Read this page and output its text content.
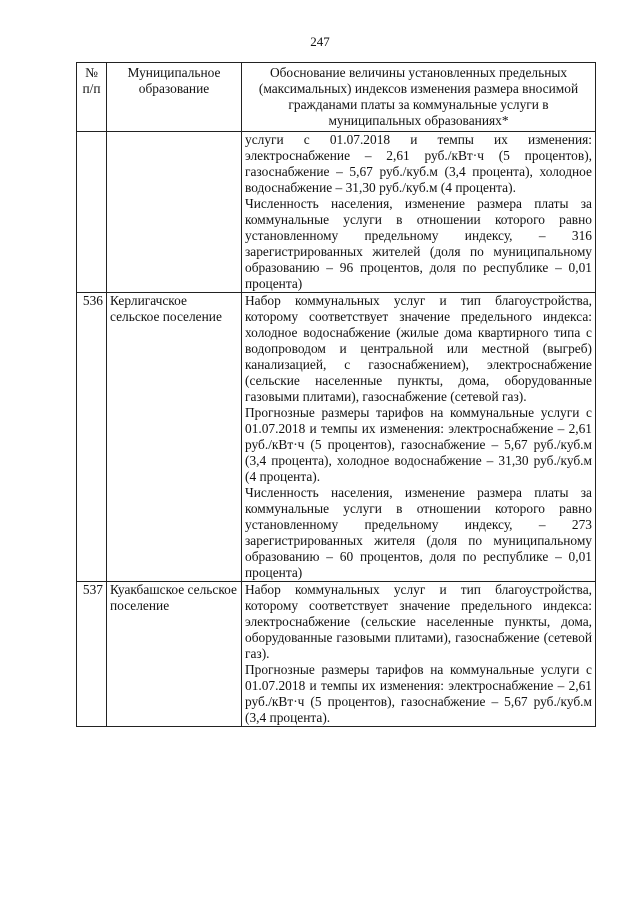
247
№ п/п	Муниципальное образование	Обоснование величины установленных предельных (максимальных) индексов изменения размера вносимой гражданами платы за коммунальные услуги в муниципальных образованиях*

		услуги с 01.07.2018 и темпы их изменения: электроснабжение – 2,61 руб./кВт·ч (5 процентов), газоснабжение – 5,67 руб./куб.м (3,4 процента), холодное водоснабжение – 31,30 руб./куб.м (4 процента).

Численность населения, изменение размера платы за коммунальные услуги в отношении которого равно установленному предельному индексу, – 316 зарегистрированных жителей (доля по муниципальному образованию – 96 процентов, доля по республике – 0,01 процента)

536	Керлигачское сельское поселение	Набор коммунальных услуг и тип благоустройства, которому соответствует значение предельного индекса: холодное водоснабжение (жилые дома квартирного типа с водопроводом и центральной или местной (выгреб) канализацией, с газоснабжением), электроснабжение (сельские населенные пункты, дома, оборудованные газовыми плитами), газоснабжение (сетевой газ).

Прогнозные размеры тарифов на коммунальные услуги с 01.07.2018 и темпы их изменения: электроснабжение – 2,61 руб./кВт·ч (5 процентов), газоснабжение – 5,67 руб./куб.м (3,4 процента), холодное водоснабжение – 31,30 руб./куб.м (4 процента).

Численность населения, изменение размера платы за коммунальные услуги в отношении которого равно установленному предельному индексу, – 273 зарегистрированных жителя (доля по муниципальному образованию – 60 процентов, доля по республике – 0,01 процента)

537	Куакбашское сельское поселение	Набор коммунальных услуг и тип благоустройства, которому соответствует значение предельного индекса: электроснабжение (сельские населенные пункты, дома, оборудованные газовыми плитами), газоснабжение (сетевой газ).

Прогнозные размеры тарифов на коммунальные услуги с 01.07.2018 и темпы их изменения: электроснабжение – 2,61 руб./кВт·ч (5 процентов), газоснабжение – 5,67 руб./куб.м (3,4 процента).
